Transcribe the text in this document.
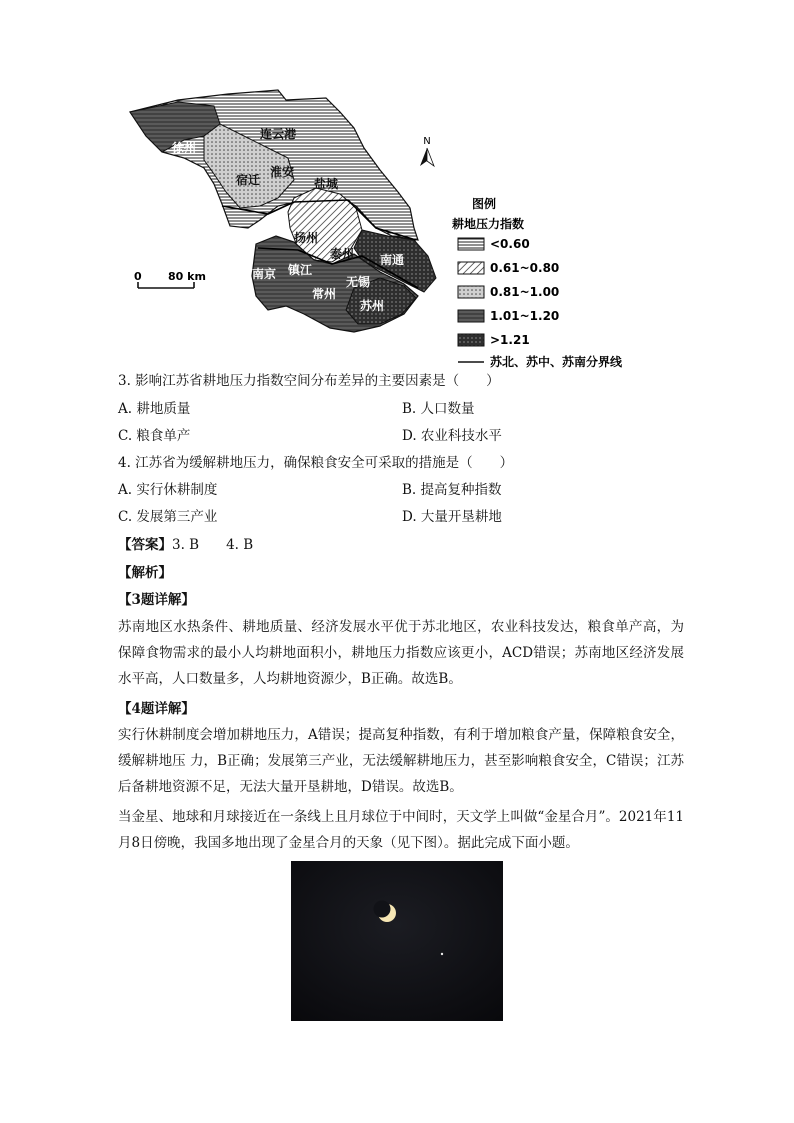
连云港
徐州
宿迁
淮安
盐城
扬州
泰州
南京 镇江
南通
常州
无锡
苏州
N
0 80 km
图例
耕地压力指数
<0.60
0.61~0.80
0.81~1.00
1.01~1.20
>1.21
苏北、苏中、苏南分界线
3. 影响江苏省耕地压力指数空间分布差异的主要因素是（　　）
A. 耕地质量	B. 人口数量
C. 粮食单产	D. 农业科技水平
4. 江苏省为缓解耕地压力，确保粮食安全可采取的措施是（　　）
A. 实行休耕制度	B. 提高复种指数
C. 发展第三产业	D. 大量开垦耕地
【答案】3. B　　4. B
【解析】
【3题详解】
苏南地区水热条件、耕地质量、经济发展水平优于苏北地区，农业科技发达，粮食单产高，为保障食物需求的最小人均耕地面积小，耕地压力指数应该更小，ACD错误；苏南地区经济发展水平高，人口数量多，人均耕地资源少，B正确。故选B。
【4题详解】
实行休耕制度会增加耕地压力，A错误；提高复种指数，有利于增加粮食产量，保障粮食安全，缓解耕地压 力，B正确；发展第三产业，无法缓解耕地压力，甚至影响粮食安全，C错误；江苏后备耕地资源不足，无法大量开垦耕地，D错误。故选B。
当金星、地球和月球接近在一条线上且月球位于中间时，天文学上叫做“金星合月”。2021年11月8日傍晚，我国多地出现了金星合月的天象（见下图）。据此完成下面小题。
